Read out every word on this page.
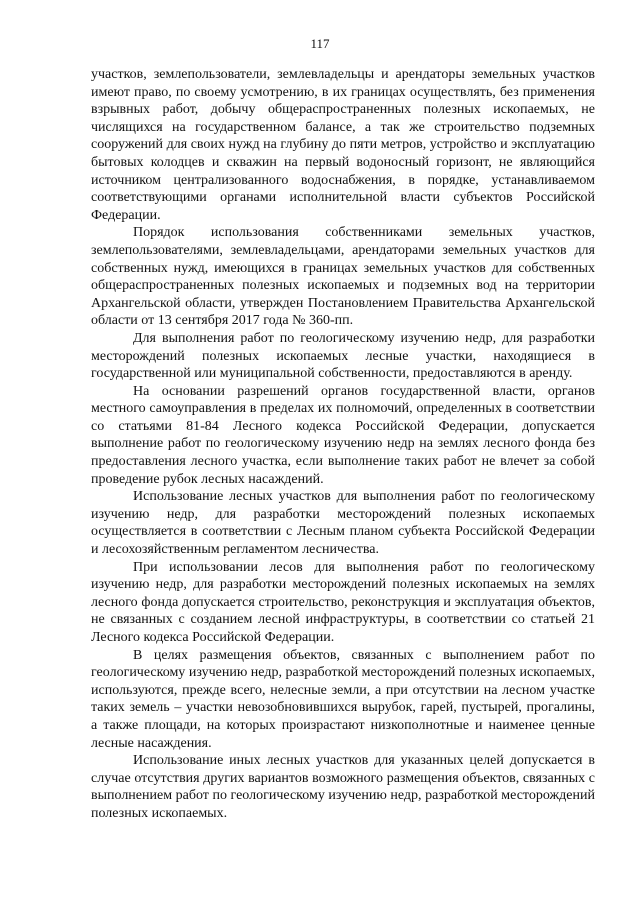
117

участков, землепользователи, землевладельцы и арендаторы земельных участков имеют право, по своему усмотрению, в их границах осуществлять, без применения взрывных работ, добычу общераспространенных полезных ископаемых, не числящихся на государственном балансе, а так же строительство подземных сооружений для своих нужд на глубину до пяти метров, устройство и эксплуатацию бытовых колодцев и скважин на первый водоносный горизонт, не являющийся источником централизованного водоснабжения, в порядке, устанавливаемом соответствующими органами исполнительной власти субъектов Российской Федерации.

Порядок использования собственниками земельных участков, землепользователями, землевладельцами, арендаторами земельных участков для собственных нужд, имеющихся в границах земельных участков для собственных общераспространенных полезных ископаемых и подземных вод на территории Архангельской области, утвержден Постановлением Правительства Архангельской области от 13 сентября 2017 года № 360-пп.

Для выполнения работ по геологическому изучению недр, для разработки месторождений полезных ископаемых лесные участки, находящиеся в государственной или муниципальной собственности, предоставляются в аренду.

На основании разрешений органов государственной власти, органов местного самоуправления в пределах их полномочий, определенных в соответствии со статьями 81-84 Лесного кодекса Российской Федерации, допускается выполнение работ по геологическому изучению недр на землях лесного фонда без предоставления лесного участка, если выполнение таких работ не влечет за собой проведение рубок лесных насаждений.

Использование лесных участков для выполнения работ по геологическому изучению недр, для разработки месторождений полезных ископаемых осуществляется в соответствии с Лесным планом субъекта Российской Федерации и лесохозяйственным регламентом лесничества.

При использовании лесов для выполнения работ по геологическому изучению недр, для разработки месторождений полезных ископаемых на землях лесного фонда допускается строительство, реконструкция и эксплуатация объектов, не связанных с созданием лесной инфраструктуры, в соответствии со статьей 21 Лесного кодекса Российской Федерации.

В целях размещения объектов, связанных с выполнением работ по геологическому изучению недр, разработкой месторождений полезных ископаемых, используются, прежде всего, нелесные земли, а при отсутствии на лесном участке таких земель – участки невозобновившихся вырубок, гарей, пустырей, прогалины, а также площади, на которых произрастают низкополнотные и наименее ценные лесные насаждения.

Использование иных лесных участков для указанных целей допускается в случае отсутствия других вариантов возможного размещения объектов, связанных с выполнением работ по геологическому изучению недр, разработкой месторождений полезных ископаемых.
